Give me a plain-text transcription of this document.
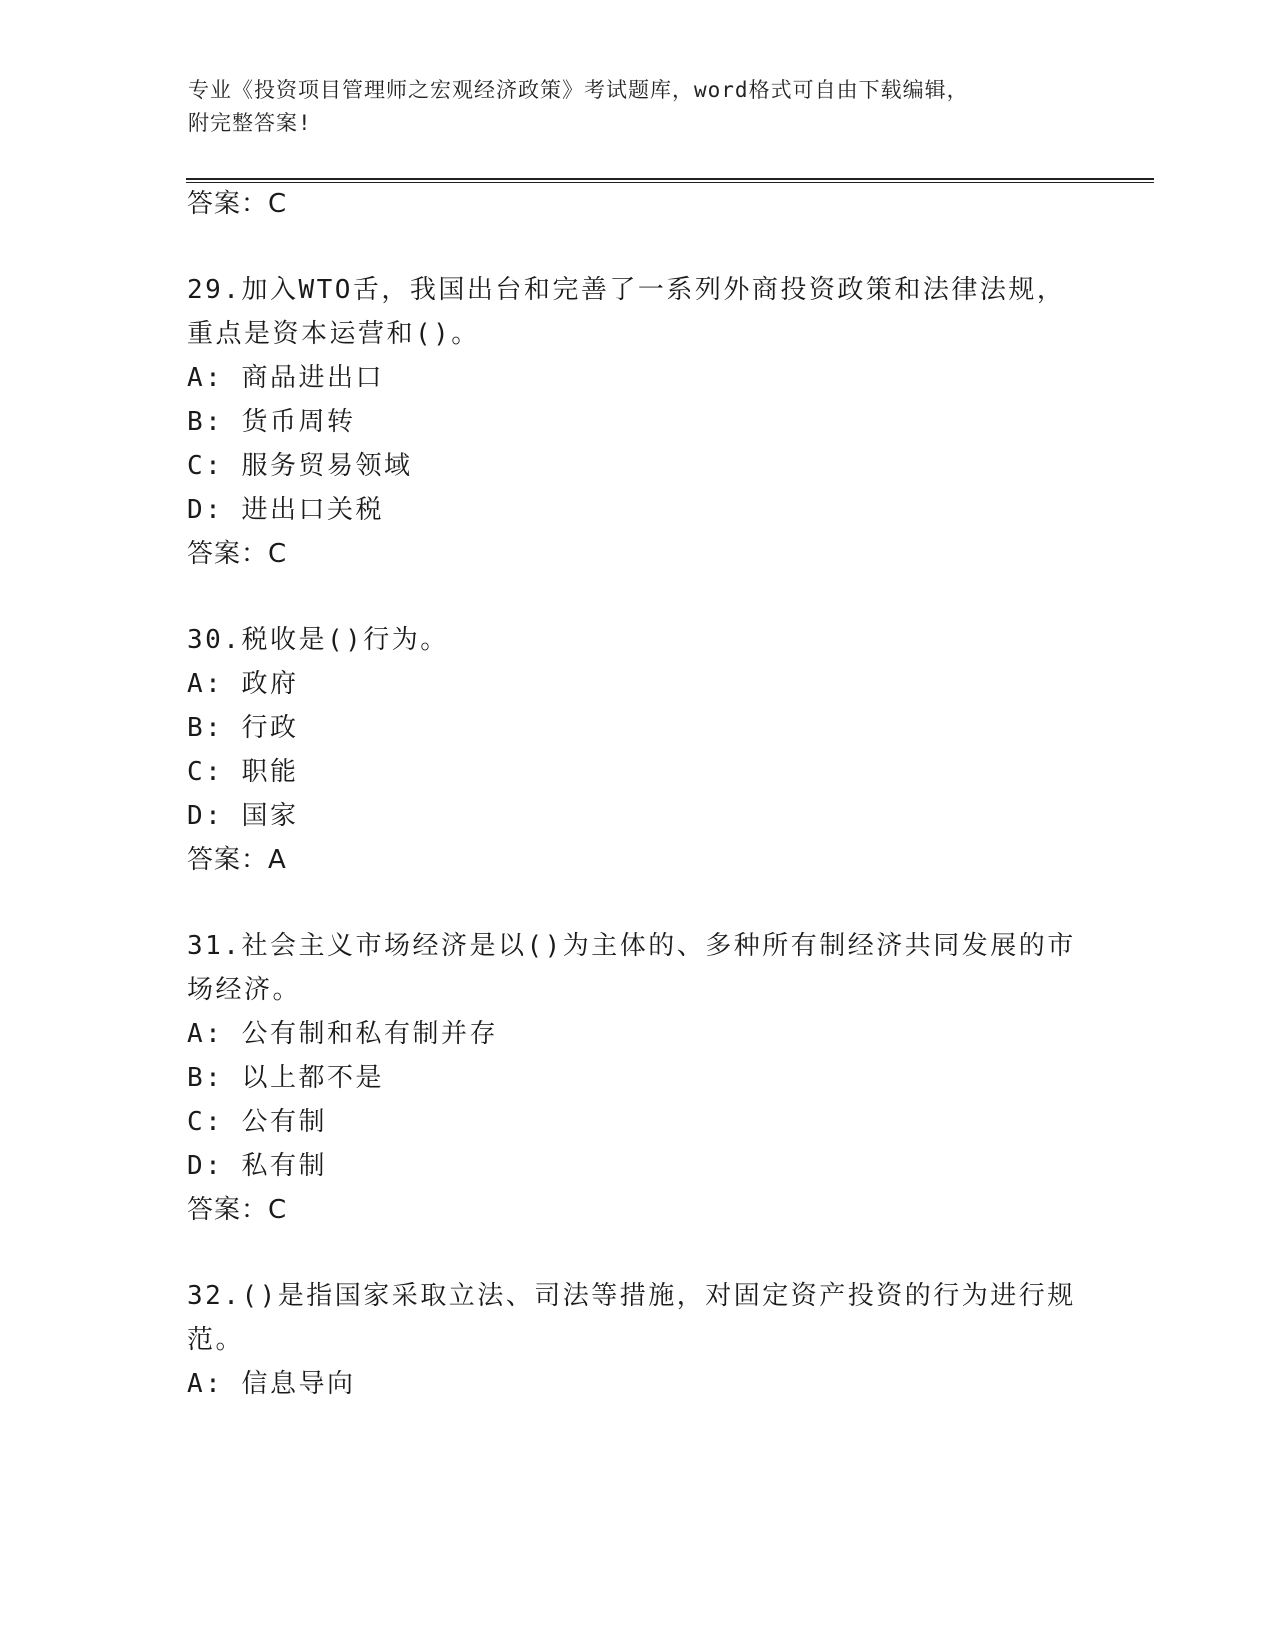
专业《投资项目管理师之宏观经济政策》考试题库，word格式可自由下载编辑，
附完整答案!
答案：C
29.加入WTO舌，我国出台和完善了一系列外商投资政策和法律法规，
重点是资本运营和()。
A: 商品进出口
B: 货币周转
C: 服务贸易领域
D: 进出口关税
答案：C
30.税收是()行为。
A: 政府
B: 行政
C: 职能
D: 国家
答案：A
31.社会主义市场经济是以()为主体的、多种所有制经济共同发展的市
场经济。
A: 公有制和私有制并存
B: 以上都不是
C: 公有制
D: 私有制
答案：C
32.()是指国家采取立法、司法等措施，对固定资产投资的行为进行规
范。
A: 信息导向
